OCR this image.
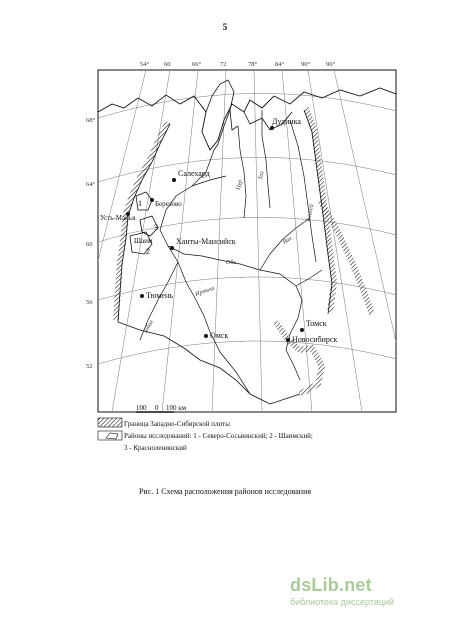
5
54° 60	66°	72	78°	84°	90° 96°
68°
64°
60
56
52
Салехард
Березово
Усть-Манья
Ханты-Мансийск
Шаим
Тюмень
Омск
Томск
Новосибирск
Дудинка
1
2
3
Обь
Иртыш
Таз
Пур
Вах
Енисей
Тобол
100 0 100 км
Граница Западно-Сибирской плиты
Районы исследований: 1 - Северо-Сосьвинский; 2 - Шаимский;
3 - Красноленинский
Рис. 1 Схема расположения районов исследования
dsLib.net
библиотека диссертаций
